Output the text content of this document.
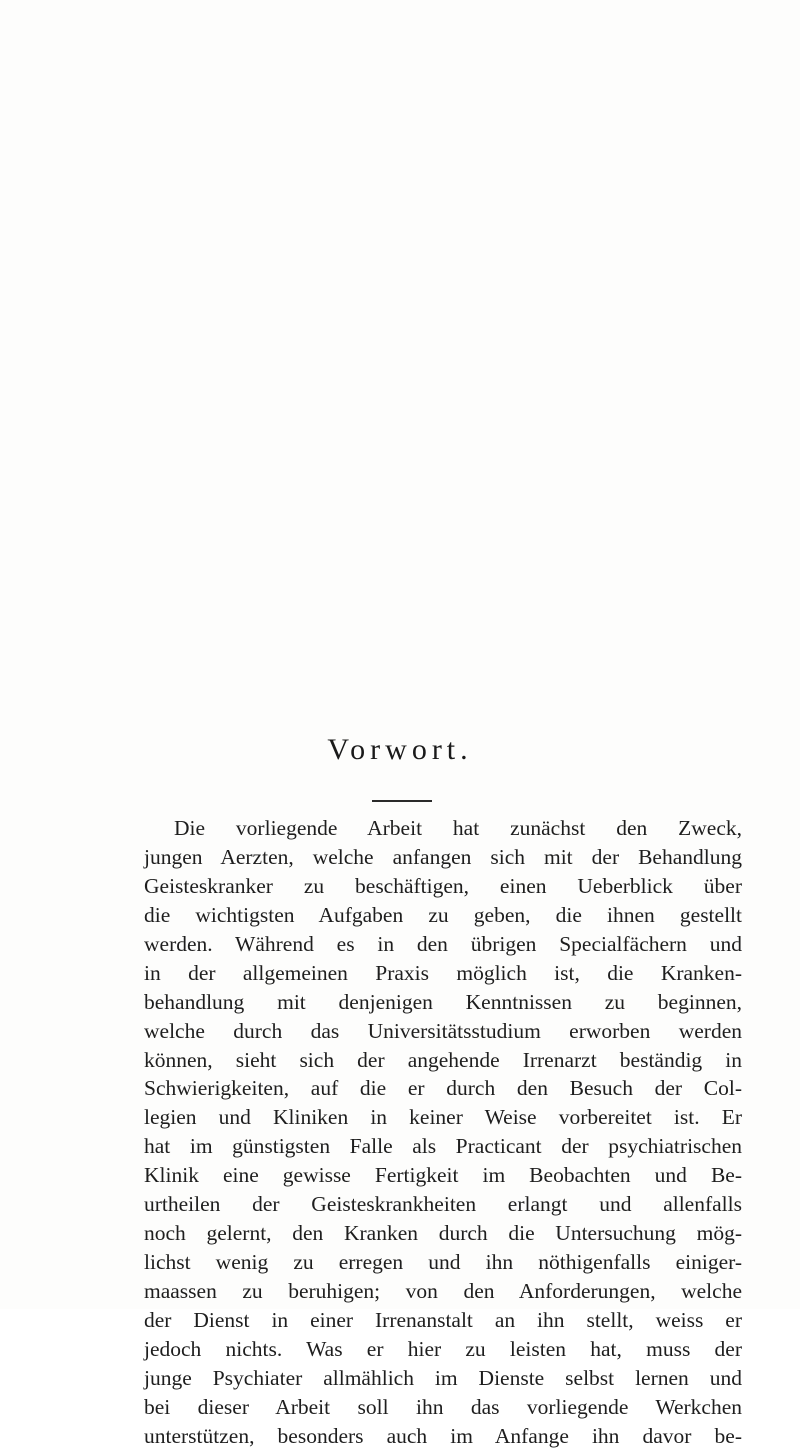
Vorwort.
Die vorliegende Arbeit hat zunächst den Zweck,
jungen Aerzten, welche anfangen sich mit der Behandlung
Geisteskranker zu beschäftigen, einen Ueberblick über
die wichtigsten Aufgaben zu geben, die ihnen gestellt
werden. Während es in den übrigen Specialfächern und
in der allgemeinen Praxis möglich ist, die Kranken-
behandlung mit denjenigen Kenntnissen zu beginnen,
welche durch das Universitätsstudium erworben werden
können, sieht sich der angehende Irrenarzt beständig in
Schwierigkeiten, auf die er durch den Besuch der Col-
legien und Kliniken in keiner Weise vorbereitet ist. Er
hat im günstigsten Falle als Practicant der psychiatrischen
Klinik eine gewisse Fertigkeit im Beobachten und Be-
urtheilen der Geisteskrankheiten erlangt und allenfalls
noch gelernt, den Kranken durch die Untersuchung mög-
lichst wenig zu erregen und ihn nöthigenfalls einiger-
maassen zu beruhigen; von den Anforderungen, welche
der Dienst in einer Irrenanstalt an ihn stellt, weiss er
jedoch nichts. Was er hier zu leisten hat, muss der
junge Psychiater allmählich im Dienste selbst lernen und
bei dieser Arbeit soll ihn das vorliegende Werkchen
unterstützen, besonders auch im Anfange ihn davor be-
